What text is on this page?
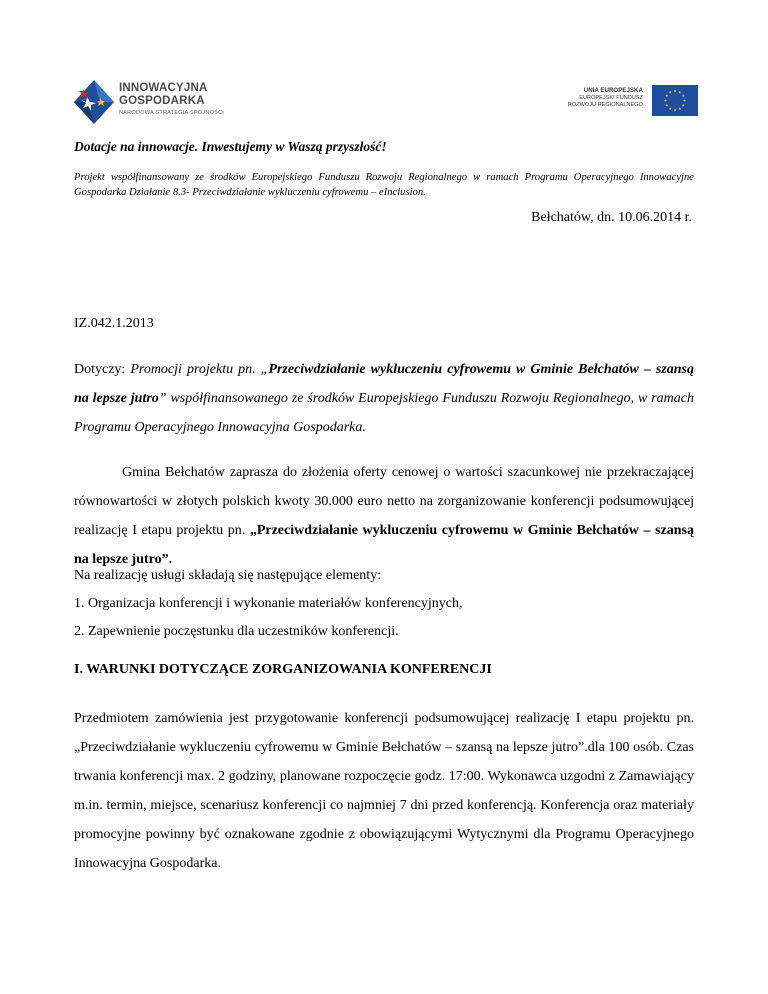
INNOWACYJNA
GOSPODARKA
NARODOWA STRATEGIA SPÓJNOŚCI
UNIA EUROPEJSKA
EUROPEJSKI FUNDUSZ
ROZWOJU REGIONALNEGO
Dotacje na innowacje. Inwestujemy w Waszą przyszłość!
Projekt współfinansowany ze środków Europejskiego Funduszu Rozwoju Regionalnego w ramach Programu Operacyjnego Innowacyjne Gospodarka Działanie 8.3- Przeciwdziałanie wykluczeniu cyfrowemu – eInclusion.
Bełchatów, dn. 10.06.2014 r.
IZ.042.1.2013

Dotyczy: Promocji projektu pn. „Przeciwdziałanie wykluczeniu cyfrowemu w Gminie Bełchatów – szansą na lepsze jutro” współfinansowanego ze środków Europejskiego Funduszu Rozwoju Regionalnego, w ramach Programu Operacyjnego Innowacyjna Gospodarka.

Gmina Bełchatów zaprasza do złożenia oferty cenowej o wartości szacunkowej nie przekraczającej równowartości w złotych polskich kwoty 30.000 euro netto na zorganizowanie konferencji podsumowującej realizację I etapu projektu pn. „Przeciwdziałanie wykluczeniu cyfrowemu w Gminie Bełchatów – szansą na lepsze jutro”.

Na realizację usługi składają się następujące elementy:
1. Organizacja konferencji i wykonanie materiałów konferencyjnych,
2. Zapewnienie poczęstunku dla uczestników konferencji.
I. WARUNKI DOTYCZĄCE ZORGANIZOWANIA KONFERENCJI

Przedmiotem zamówienia jest przygotowanie konferencji podsumowującej realizację I etapu projektu pn. „Przeciwdziałanie wykluczeniu cyfrowemu w Gminie Bełchatów – szansą na lepsze jutro”.dla 100 osób. Czas trwania konferencji max. 2 godziny, planowane rozpoczęcie godz. 17:00. Wykonawca uzgodni z Zamawiający m.in. termin, miejsce, scenariusz konferencji co najmniej 7 dni przed konferencją. Konferencja oraz materiały promocyjne powinny być oznakowane zgodnie z obowiązującymi Wytycznymi dla Programu Operacyjnego Innowacyjna Gospodarka.
